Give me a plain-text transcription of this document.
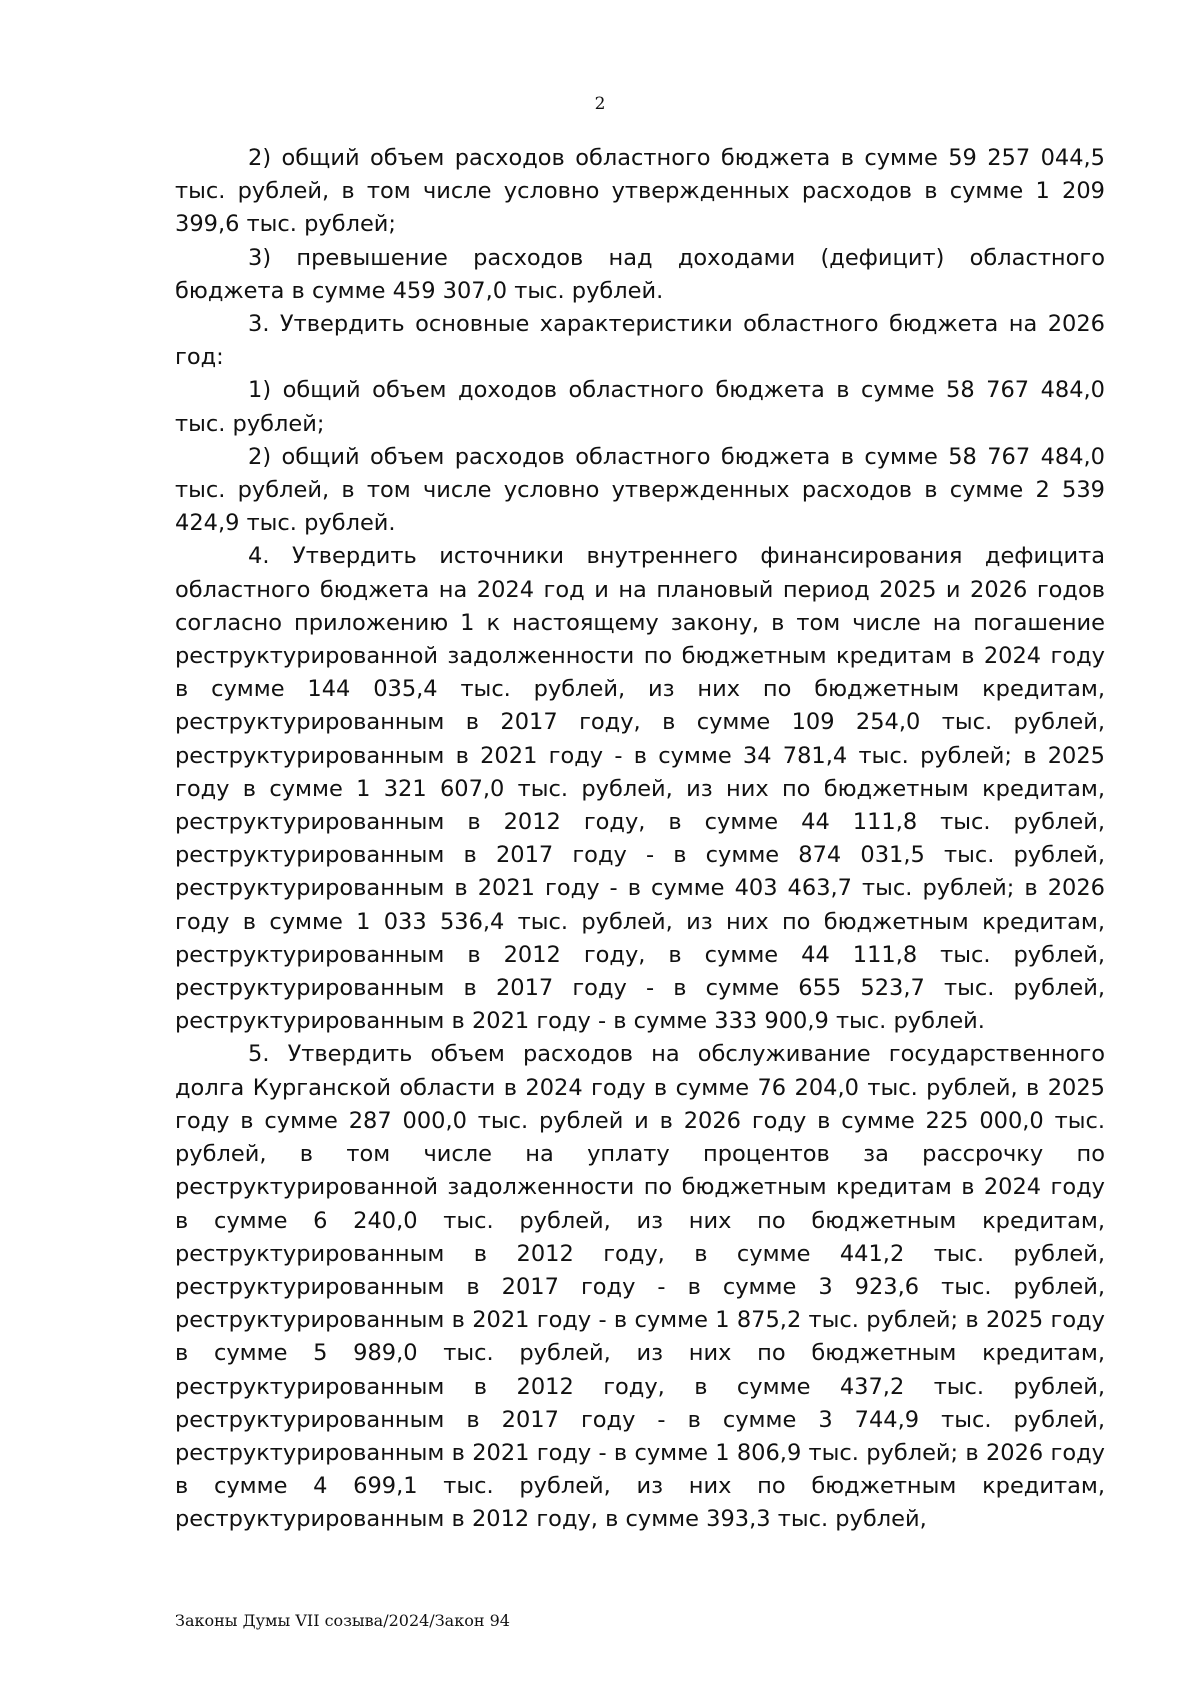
2

2) общий объем расходов областного бюджета в сумме 59 257 044,5 тыс. рублей, в том числе условно утвержденных расходов в сумме 1 209 399,6 тыс. рублей;

3) превышение расходов над доходами (дефицит) областного бюджета в сумме 459 307,0 тыс. рублей.

3. Утвердить основные характеристики областного бюджета на 2026 год:

1) общий объем доходов областного бюджета в сумме 58 767 484,0 тыс. рублей;

2) общий объем расходов областного бюджета в сумме 58 767 484,0 тыс. рублей, в том числе условно утвержденных расходов в сумме 2 539 424,9 тыс. рублей.

4. Утвердить источники внутреннего финансирования дефицита областного бюджета на 2024 год и на плановый период 2025 и 2026 годов согласно приложению 1 к настоящему закону, в том числе на погашение реструктурированной задолженности по бюджетным кредитам в 2024 году в сумме 144 035,4 тыс. рублей, из них по бюджетным кредитам, реструктурированным в 2017 году, в сумме 109 254,0 тыс. рублей, реструктурированным в 2021 году - в сумме 34 781,4 тыс. рублей; в 2025 году в сумме 1 321 607,0 тыс. рублей, из них по бюджетным кредитам, реструктурированным в 2012 году, в сумме 44 111,8 тыс. рублей, реструктурированным в 2017 году - в сумме 874 031,5 тыс. рублей, реструктурированным в 2021 году - в сумме 403 463,7 тыс. рублей; в 2026 году в сумме 1 033 536,4 тыс. рублей, из них по бюджетным кредитам, реструктурированным в 2012 году, в сумме 44 111,8 тыс. рублей, реструктурированным в 2017 году - в сумме 655 523,7 тыс. рублей, реструктурированным в 2021 году - в сумме 333 900,9 тыс. рублей.

5. Утвердить объем расходов на обслуживание государственного долга Курганской области в 2024 году в сумме 76 204,0 тыс. рублей, в 2025 году в сумме 287 000,0 тыс. рублей и в 2026 году в сумме 225 000,0 тыс. рублей, в том числе на уплату процентов за рассрочку по реструктурированной задолженности по бюджетным кредитам в 2024 году в сумме 6 240,0 тыс. рублей, из них по бюджетным кредитам, реструктурированным в 2012 году, в сумме 441,2 тыс. рублей, реструктурированным в 2017 году - в сумме 3 923,6 тыс. рублей, реструктурированным в 2021 году - в сумме 1 875,2 тыс. рублей; в 2025 году в сумме 5 989,0 тыс. рублей, из них по бюджетным кредитам, реструктурированным в 2012 году, в сумме 437,2 тыс. рублей, реструктурированным в 2017 году - в сумме 3 744,9 тыс. рублей, реструктурированным в 2021 году - в сумме 1 806,9 тыс. рублей; в 2026 году в сумме 4 699,1 тыс. рублей, из них по бюджетным кредитам, реструктурированным в 2012 году, в сумме 393,3 тыс. рублей,

Законы Думы VII созыва/2024/Закон 94
